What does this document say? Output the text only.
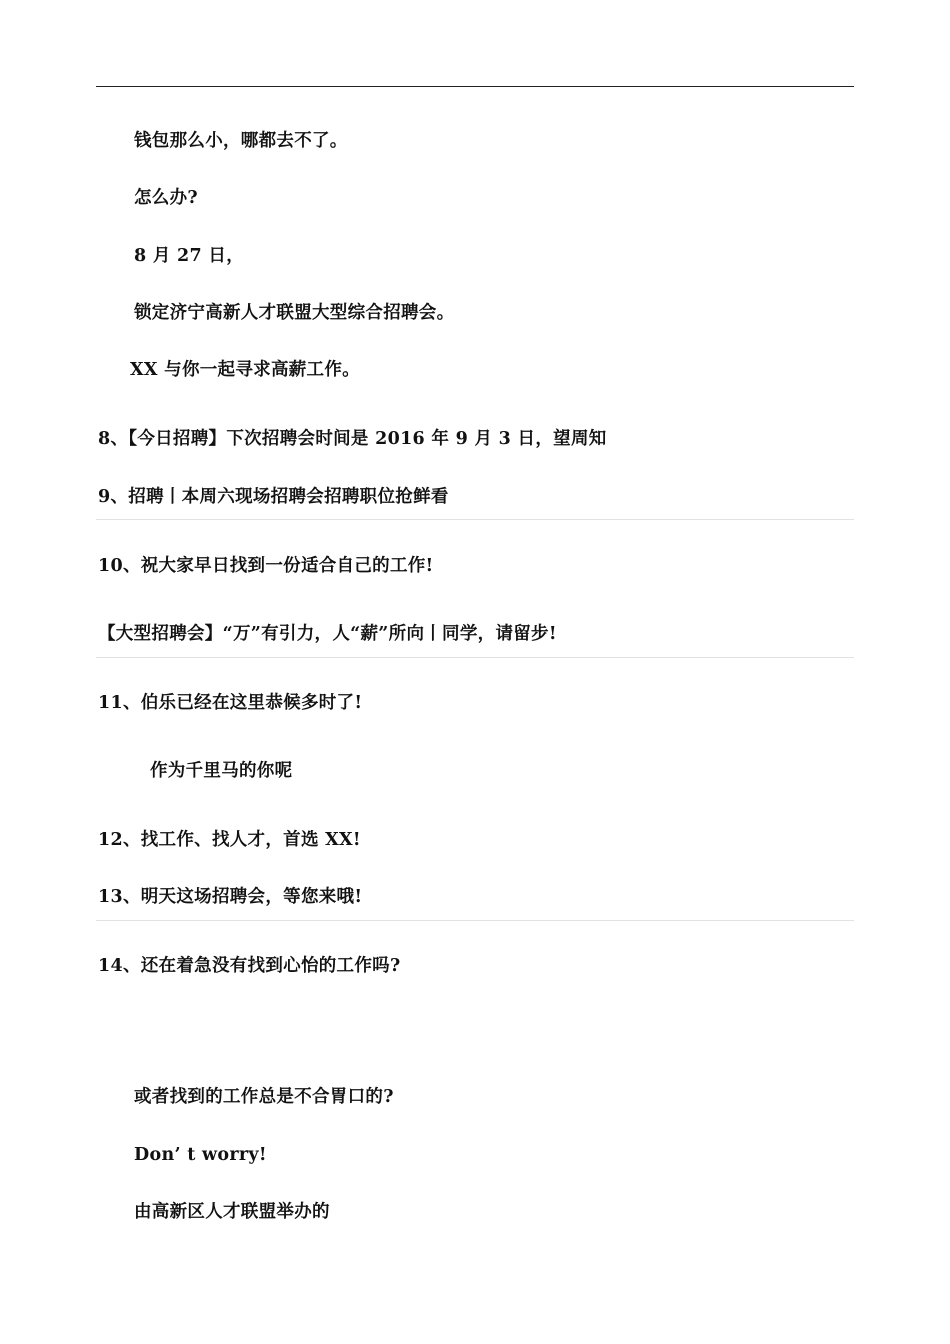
钱包那么小，哪都去不了。
怎么办?
8 月 27 日，
锁定济宁高新人才联盟大型综合招聘会。
XX 与你一起寻求高薪工作。
8、【今日招聘】下次招聘会时间是 2016 年 9 月 3 日，望周知
9、招聘丨本周六现场招聘会招聘职位抢鲜看
10、祝大家早日找到一份适合自己的工作!
【大型招聘会】“万”有引力，人“薪”所向丨同学，请留步!
11、伯乐已经在这里恭候多时了!
作为千里马的你呢
12、找工作、找人才，首选 XX!
13、明天这场招聘会，等您来哦!
14、还在着急没有找到心怡的工作吗?
或者找到的工作总是不合胃口的?
Don’ t worry!
由高新区人才联盟举办的
